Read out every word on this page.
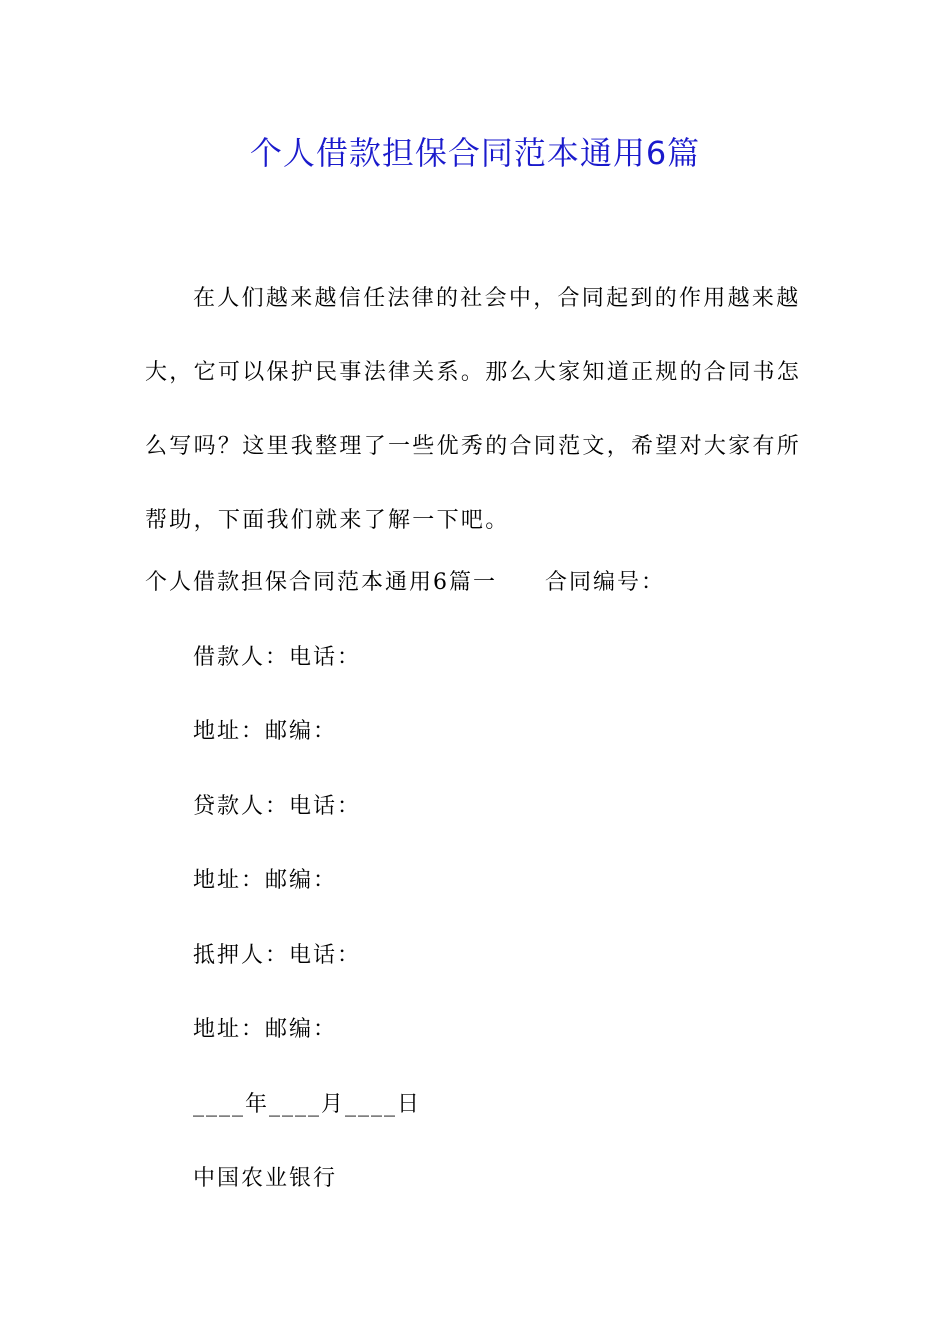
个人借款担保合同范本通用6篇

在人们越来越信任法律的社会中，合同起到的作用越来越大，它可以保护民事法律关系。那么大家知道正规的合同书怎么写吗？这里我整理了一些优秀的合同范文，希望对大家有所帮助，下面我们就来了解一下吧。

个人借款担保合同范本通用6篇一 合同编号：
借款人：电话：
地址：邮编：
贷款人：电话：
地址：邮编：
抵押人：电话：
地址：邮编：
____年____月____日
中国农业银行
